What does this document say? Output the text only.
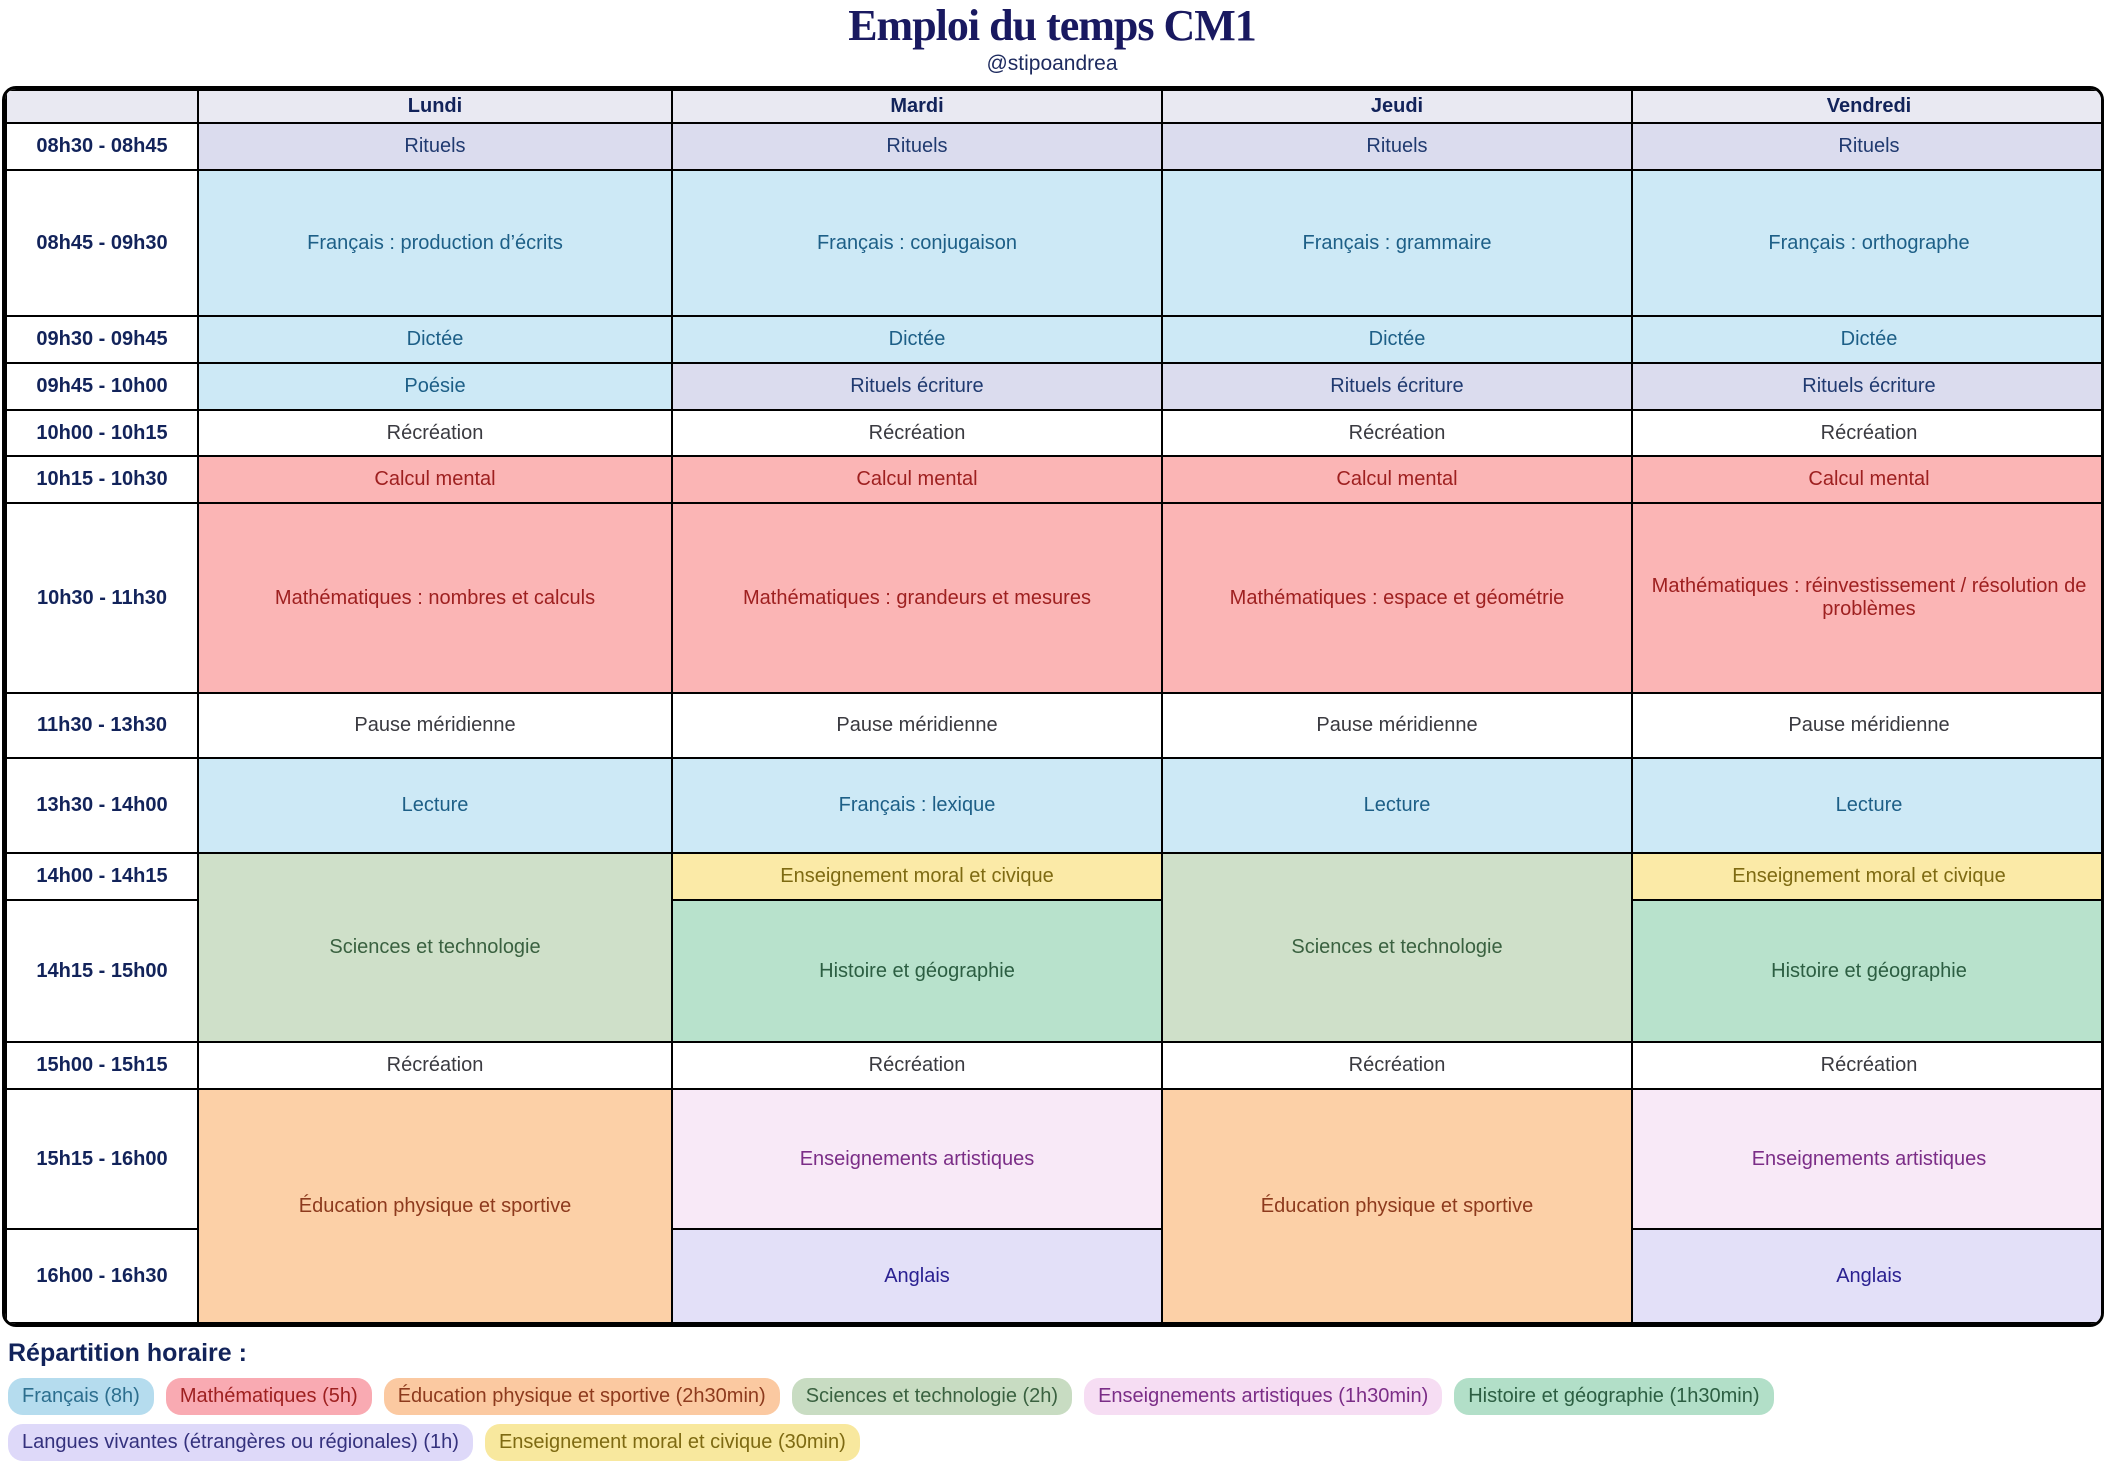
Emploi du temps CM1
@stipoandrea
	Lundi	Mardi	Jeudi	Vendredi
08h30 - 08h45	Rituels	Rituels	Rituels	Rituels
08h45 - 09h30	Français : production d’écrits	Français : conjugaison	Français : grammaire	Français : orthographe
09h30 - 09h45	Dictée	Dictée	Dictée	Dictée
09h45 - 10h00	Poésie	Rituels écriture	Rituels écriture	Rituels écriture
10h00 - 10h15	Récréation	Récréation	Récréation	Récréation
10h15 - 10h30	Calcul mental	Calcul mental	Calcul mental	Calcul mental
10h30 - 11h30	Mathématiques : nombres et calculs	Mathématiques : grandeurs et mesures	Mathématiques : espace et géométrie	Mathématiques : réinvestissement / résolution de problèmes
11h30 - 13h30	Pause méridienne	Pause méridienne	Pause méridienne	Pause méridienne
13h30 - 14h00	Lecture	Français : lexique	Lecture	Lecture
14h00 - 14h15	Sciences et technologie	Enseignement moral et civique	Sciences et technologie	Enseignement moral et civique
14h15 - 15h00		Histoire et géographie		Histoire et géographie
15h00 - 15h15	Récréation	Récréation	Récréation	Récréation
15h15 - 16h00	Éducation physique et sportive	Enseignements artistiques	Éducation physique et sportive	Enseignements artistiques
16h00 - 16h30		Anglais		Anglais
Répartition horaire :
Français (8h)	Mathématiques (5h)	Éducation physique et sportive (2h30min)	Sciences et technologie (2h)	Enseignements artistiques (1h30min)	Histoire et géographie (1h30min)
Langues vivantes (étrangères ou régionales) (1h)	Enseignement moral et civique (30min)
